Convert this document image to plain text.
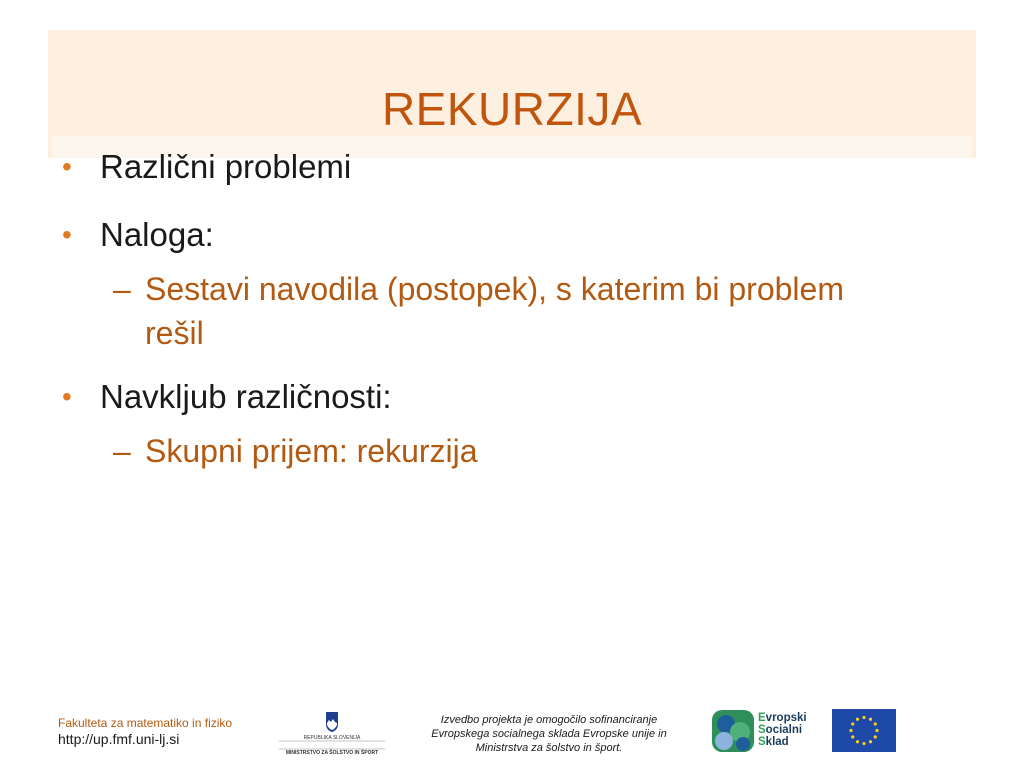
REKURZIJA
• Različni problemi
• Naloga:
– Sestavi navodila (postopek), s katerim bi problem
rešil
• Navkljub različnosti:
– Skupni prijem: rekurzija
Fakulteta za matematiko in fiziko
http://up.fmf.uni-lj.si	REPUBLIKA SLOVENIJA
MINISTRSTVO ZA ŠOLSTVO IN ŠPORT
Izvedbo projekta je omogočilo sofinanciranje
Evropskega socialnega sklada Evropske unije in
Ministrstva za šolstvo in šport.
Evropski
Socialni
Sklad
